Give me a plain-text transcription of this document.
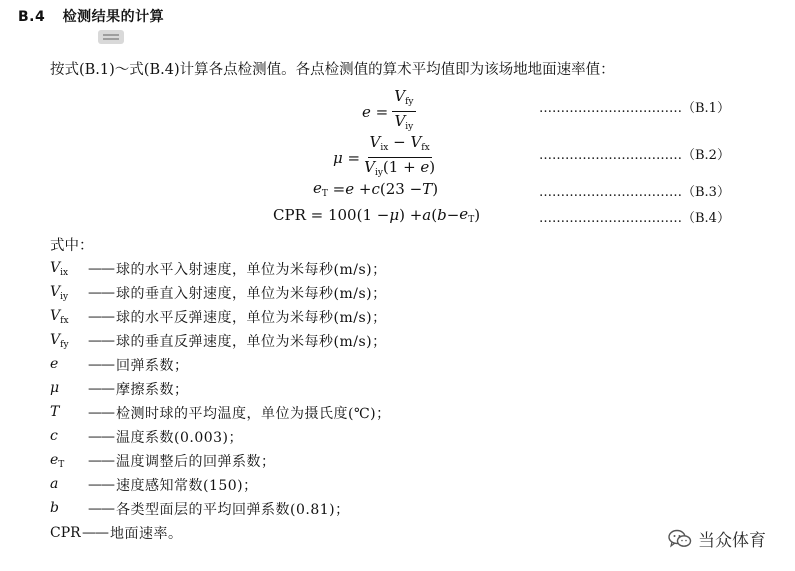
B.4 检测结果的计算
按式(B.1)～式(B.4)计算各点检测值。各点检测值的算术平均值即为该场地地面速率值：
$e = \frac{V_{fy}}{V_{iy}}$	……………………………（B.1）
$\mu = \frac{V_{ix} - V_{fx}}{V_{iy}(1 + e)}$	……………………………（B.2）
$e_T = e + c$ (23 − T )	……………………………（B.3）
CPR = 100(1 − μ ) + a ( $b - e_T$ )	……………………………（B.4）
式中：
$V_{ix}$	—— 球的水平入射速度，单位为米每秒(m/s)；
$V_{iy}$	—— 球的垂直入射速度，单位为米每秒(m/s)；
$V_{fx}$	—— 球的水平反弹速度，单位为米每秒(m/s)；
$V_{fy}$	—— 球的垂直反弹速度，单位为米每秒(m/s)；
e	—— 回弹系数；
μ	—— 摩擦系数；
T	—— 检测时球的平均温度，单位为摄氏度(℃)；
c	—— 温度系数(0.003)；
$e_T$	—— 温度调整后的回弹系数；
a	—— 速度感知常数(150)；
b	—— 各类型面层的平均回弹系数(0.81)；
CPR —— 地面速率。	当众体育
